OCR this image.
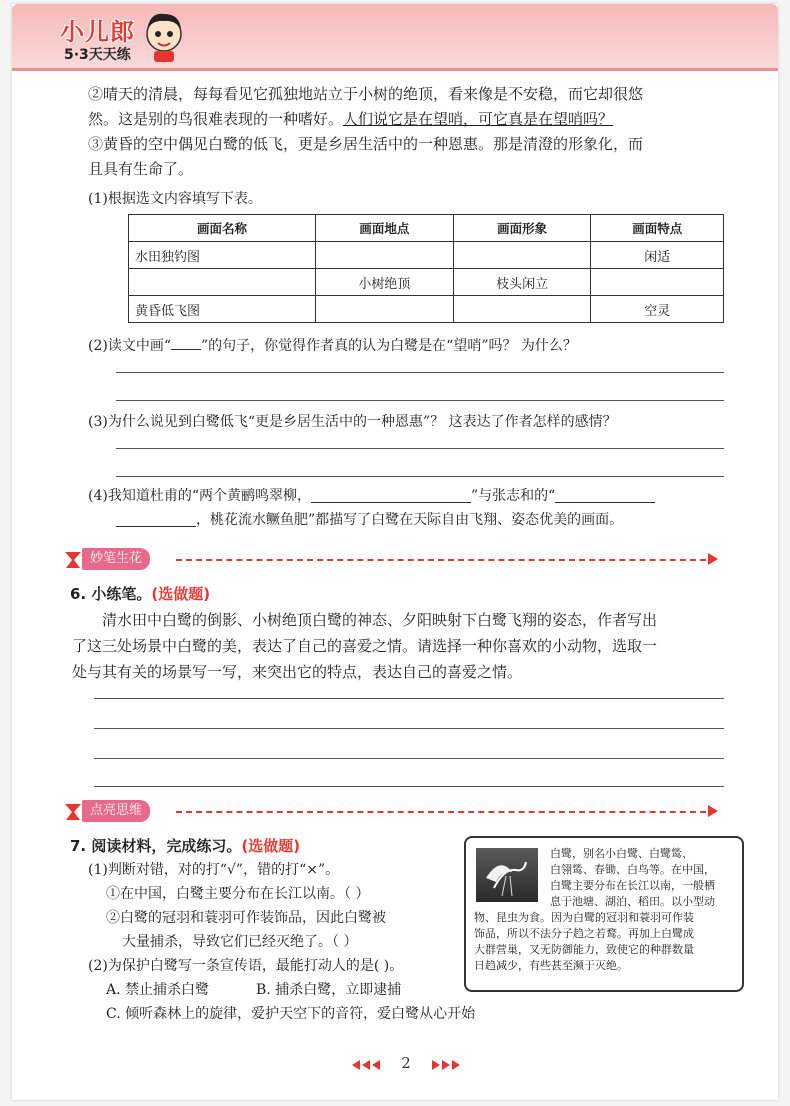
小儿郎
5·3天天练
②晴天的清晨，每每看见它孤独地站立于小树的绝顶，看来像是不安稳，而它却很悠
然。这是别的鸟很难表现的一种嗜好。人们说它是在望哨，可它真是在望哨吗？
③黄昏的空中偶见白鹭的低飞，更是乡居生活中的一种恩惠。那是清澄的形象化，而
且具有生命了。
(1)根据选文内容填写下表。
画面名称	画面地点	画面形象	画面特点
水田独钓图			闲适
	小树绝顶	枝头闲立	
黄昏低飞图			空灵
(2)读文中画“ ”的句子，你觉得作者真的认为白鹭是在“望哨”吗？ 为什么？
(3)为什么说见到白鹭低飞“更是乡居生活中的一种恩惠”？ 这表达了作者怎样的感情？
(4)我知道杜甫的“两个黄鹂鸣翠柳，	”与张志和的“
，桃花流水鳜鱼肥”都描写了白鹭在天际自由飞翔、姿态优美的画面。
妙笔生花
6. 小练笔。(选做题)
清水田中白鹭的倒影、小树绝顶白鹭的神态、夕阳映射下白鹭飞翔的姿态，作者写出
了这三处场景中白鹭的美，表达了自己的喜爱之情。请选择一种你喜欢的小动物，选取一
处与其有关的场景写一写，来突出它的特点，表达自己的喜爱之情。
点亮思维
7. 阅读材料，完成练习。(选做题)
(1)判断对错，对的打“√”，错的打“×”。
①在中国，白鹭主要分布在长江以南。（ ）
②白鹭的冠羽和蓑羽可作装饰品，因此白鹭被
大量捕杀，导致它们已经灭绝了。（ ）
(2)为保护白鹭写一条宣传语，最能打动人的是( )。
A. 禁止捕杀白鹭	B. 捕杀白鹭，立即逮捕
C. 倾听森林上的旋律，爱护天空下的音符，爱白鹭从心开始
白鹭，别名小白鹭、白鹭鸶、
白翎鸶、春锄、白鸟等。在中国，
白鹭主要分布在长江以南，一般栖
息于池塘、湖泊、稻田。以小型动
物、昆虫为食。因为白鹭的冠羽和蓑羽可作装
饰品，所以不法分子趋之若鹜。再加上白鹭成
大群营巢，又无防御能力，致使它的种群数量
日趋减少，有些甚至濒于灭绝。
2
